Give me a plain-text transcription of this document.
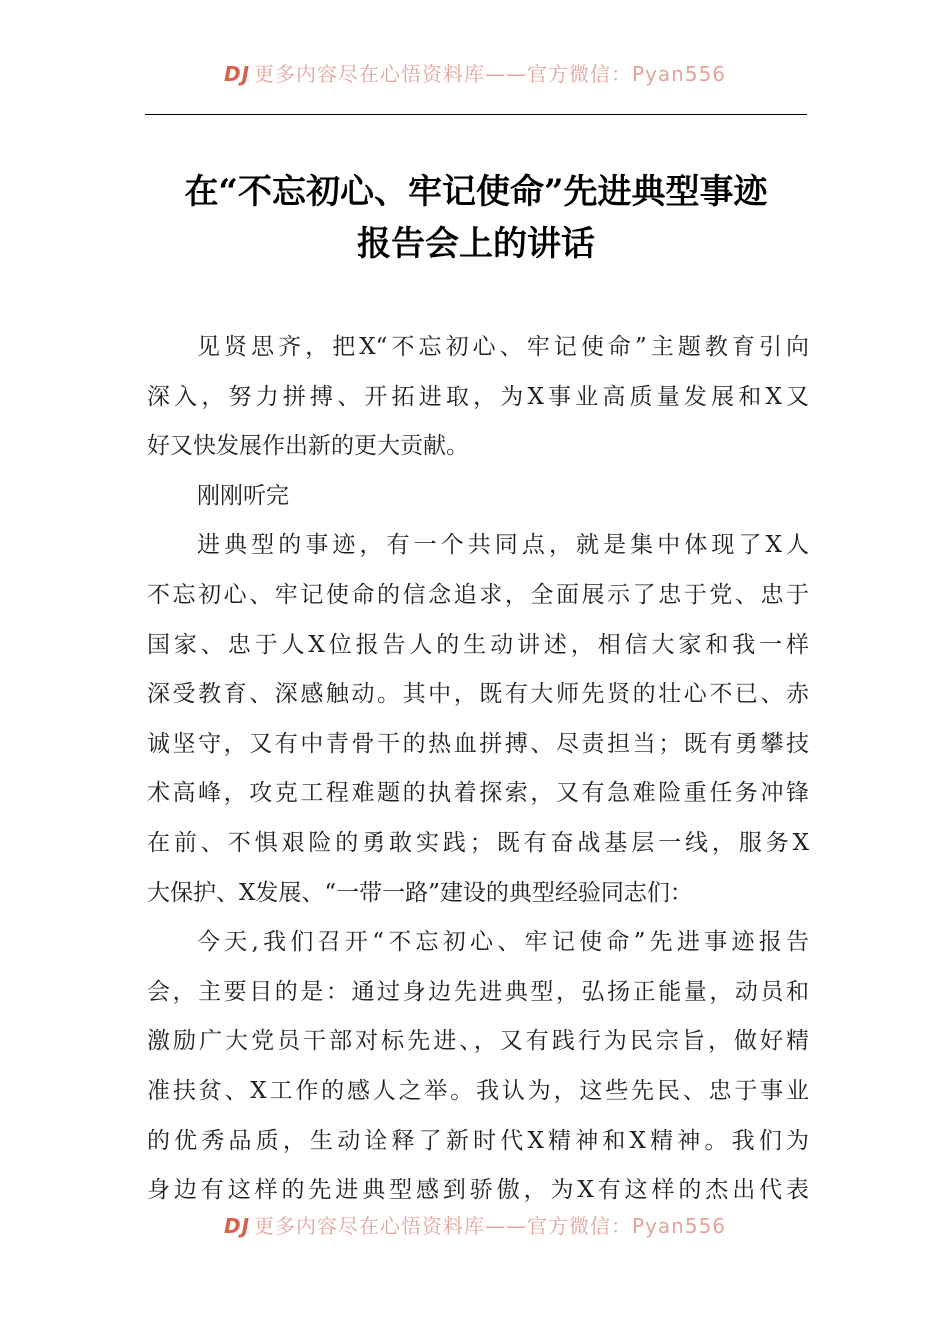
DJ 更多内容尽在心悟资料库——官方微信：Pyan556
在“不忘初心、牢记使命”先进典型事迹
报告会上的讲话
见贤思齐，把X“不忘初心、牢记使命”主题教育引向
深入，努力拼搏、开拓进取，为X事业高质量发展和X又
好又快发展作出新的更大贡献。
刚刚听完
进典型的事迹，有一个共同点，就是集中体现了X人
不忘初心、牢记使命的信念追求，全面展示了忠于党、忠于
国家、忠于人X位报告人的生动讲述，相信大家和我一样
深受教育、深感触动。其中，既有大师先贤的壮心不已、赤
诚坚守，又有中青骨干的热血拼搏、尽责担当；既有勇攀技
术高峰，攻克工程难题的执着探索，又有急难险重任务冲锋
在前、不惧艰险的勇敢实践；既有奋战基层一线，服务X
大保护、X发展、“一带一路”建设的典型经验同志们：
今天,我们召开“不忘初心、牢记使命”先进事迹报告
会，主要目的是：通过身边先进典型，弘扬正能量，动员和
激励广大党员干部对标先进、，又有践行为民宗旨，做好精
准扶贫、X工作的感人之举。我认为，这些先民、忠于事业
的优秀品质，生动诠释了新时代X精神和X精神。我们为
身边有这样的先进典型感到骄傲，为X有这样的杰出代表
DJ 更多内容尽在心悟资料库——官方微信：Pyan556
